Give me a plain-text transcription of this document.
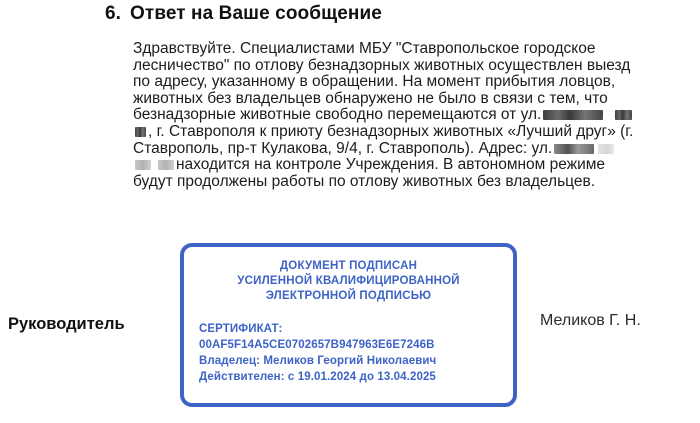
6. Ответ на Ваше сообщение
Здравствуйте. Специалистами МБУ "Ставропольское городское
лесничество" по отлову безнадзорных животных осуществлен выезд
по адресу, указанному в обращении. На момент прибытия ловцов,
животных без владельцев обнаружено не было в связи с тем, что
безнадзорные животные свободно перемещаются от ул.
, г. Ставрополя к приюту безнадзорных животных «Лучший друг» (г.
Ставрополь, пр-т Кулакова, 9/4, г. Ставрополь). Адрес: ул.
находится на контроле Учреждения. В автономном режиме
будут продолжены работы по отлову животных без владельцев.
ДОКУМЕНТ ПОДПИСАН
УСИЛЕННОЙ КВАЛИФИЦИРОВАННОЙ
ЭЛЕКТРОННОЙ ПОДПИСЬЮ
СЕРТИФИКАТ:
00AF5F14A5CE0702657B947963E6E7246B
Владелец: Меликов Георгий Николаевич
Действителен: с 19.01.2024 до 13.04.2025
Руководитель	Меликов Г. Н.
